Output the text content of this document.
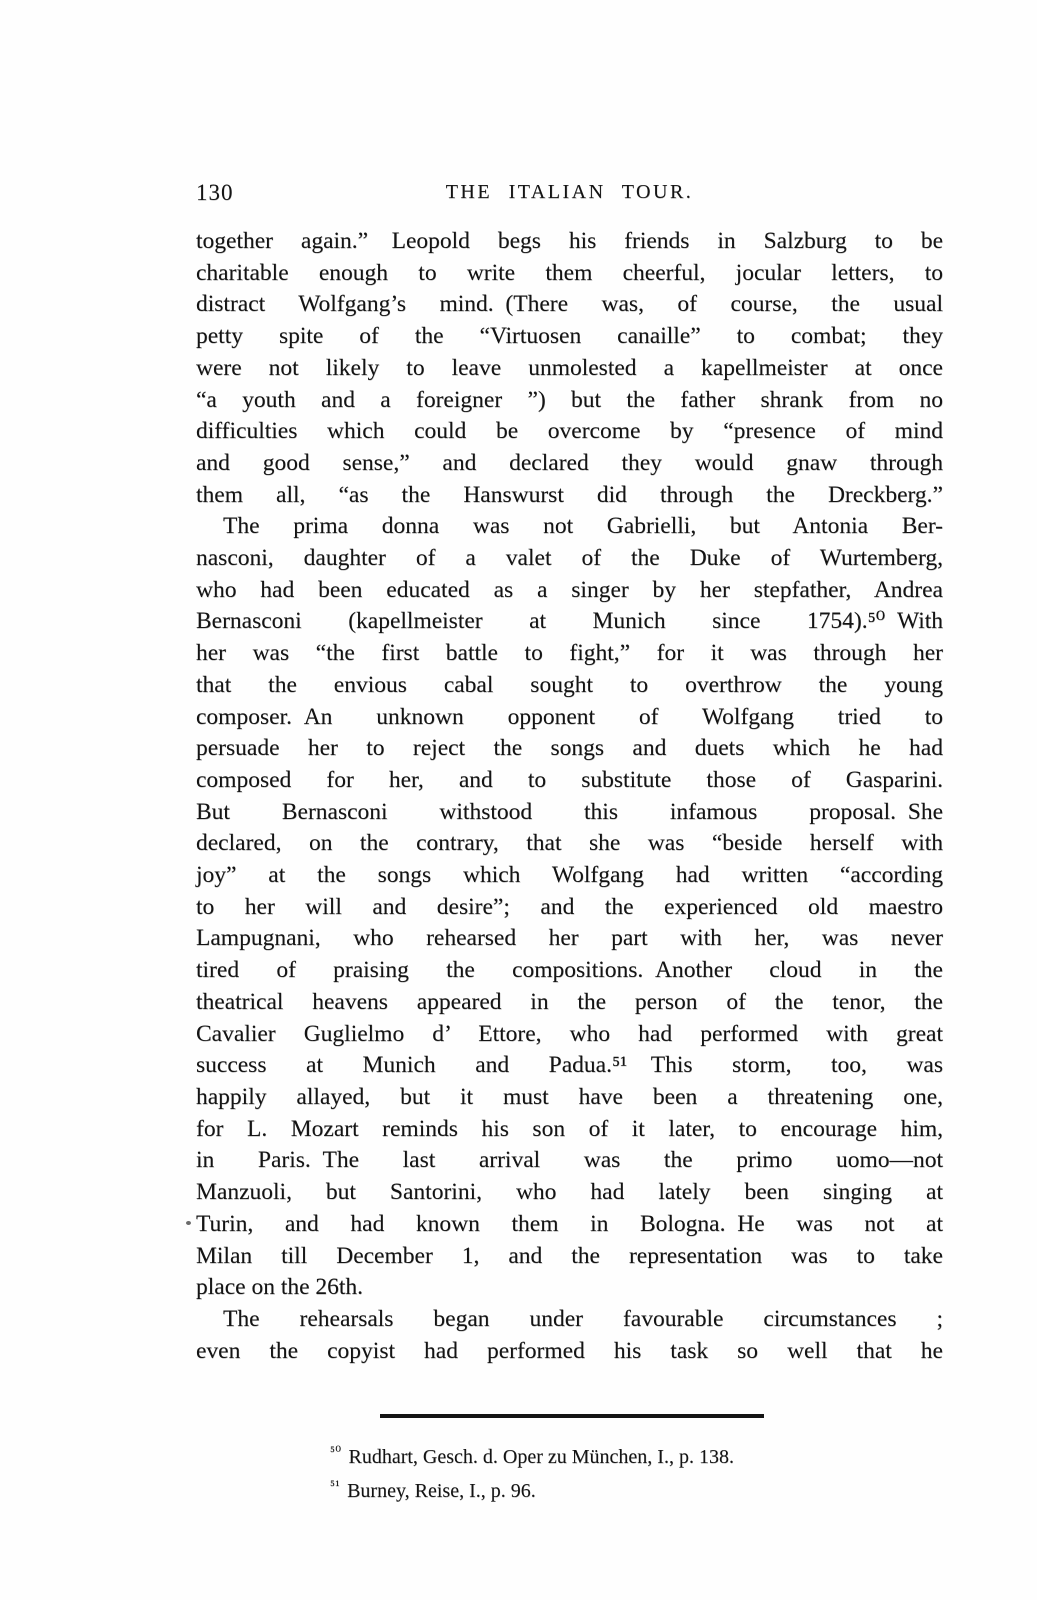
130	THE ITALIAN TOUR.
together again.” Leopold begs his friends in Salzburg to be
charitable enough to write them cheerful, jocular letters, to
distract Wolfgang’s mind. (There was, of course, the usual
petty spite of the “Virtuosen canaille” to combat; they
were not likely to leave unmolested a kapellmeister at once
“a youth and a foreigner ”) but the father shrank from no
difficulties which could be overcome by “presence of mind
and good sense,” and declared they would gnaw through
them all, “as the Hanswurst did through the Dreckberg.”
The prima donna was not Gabrielli, but Antonia Ber-
nasconi, daughter of a valet of the Duke of Wurtemberg,
who had been educated as a singer by her stepfather, Andrea
Bernasconi (kapellmeister at Munich since 1754).⁵⁰ With
her was “the first battle to fight,” for it was through her
that the envious cabal sought to overthrow the young
composer. An unknown opponent of Wolfgang tried to
persuade her to reject the songs and duets which he had
composed for her, and to substitute those of Gasparini.
But Bernasconi withstood this infamous proposal. She
declared, on the contrary, that she was “beside herself with
joy” at the songs which Wolfgang had written “according
to her will and desire”; and the experienced old maestro
Lampugnani, who rehearsed her part with her, was never
tired of praising the compositions. Another cloud in the
theatrical heavens appeared in the person of the tenor, the
Cavalier Guglielmo d’ Ettore, who had performed with great
success at Munich and Padua.⁵¹ This storm, too, was
happily allayed, but it must have been a threatening one,
for L. Mozart reminds his son of it later, to encourage him,
in Paris. The last arrival was the primo uomo—not
Manzuoli, but Santorini, who had lately been singing at
Turin, and had known them in Bologna. He was not at
Milan till December 1, and the representation was to take
place on the 26th.
The rehearsals began under favourable circumstances ;
even the copyist had performed his task so well that he
$^{^{50}}$ Rudhart, Gesch. d. Oper zu München, I., p. 138.
$^{^{51}}$ Burney, Reise, I., p. 96.
